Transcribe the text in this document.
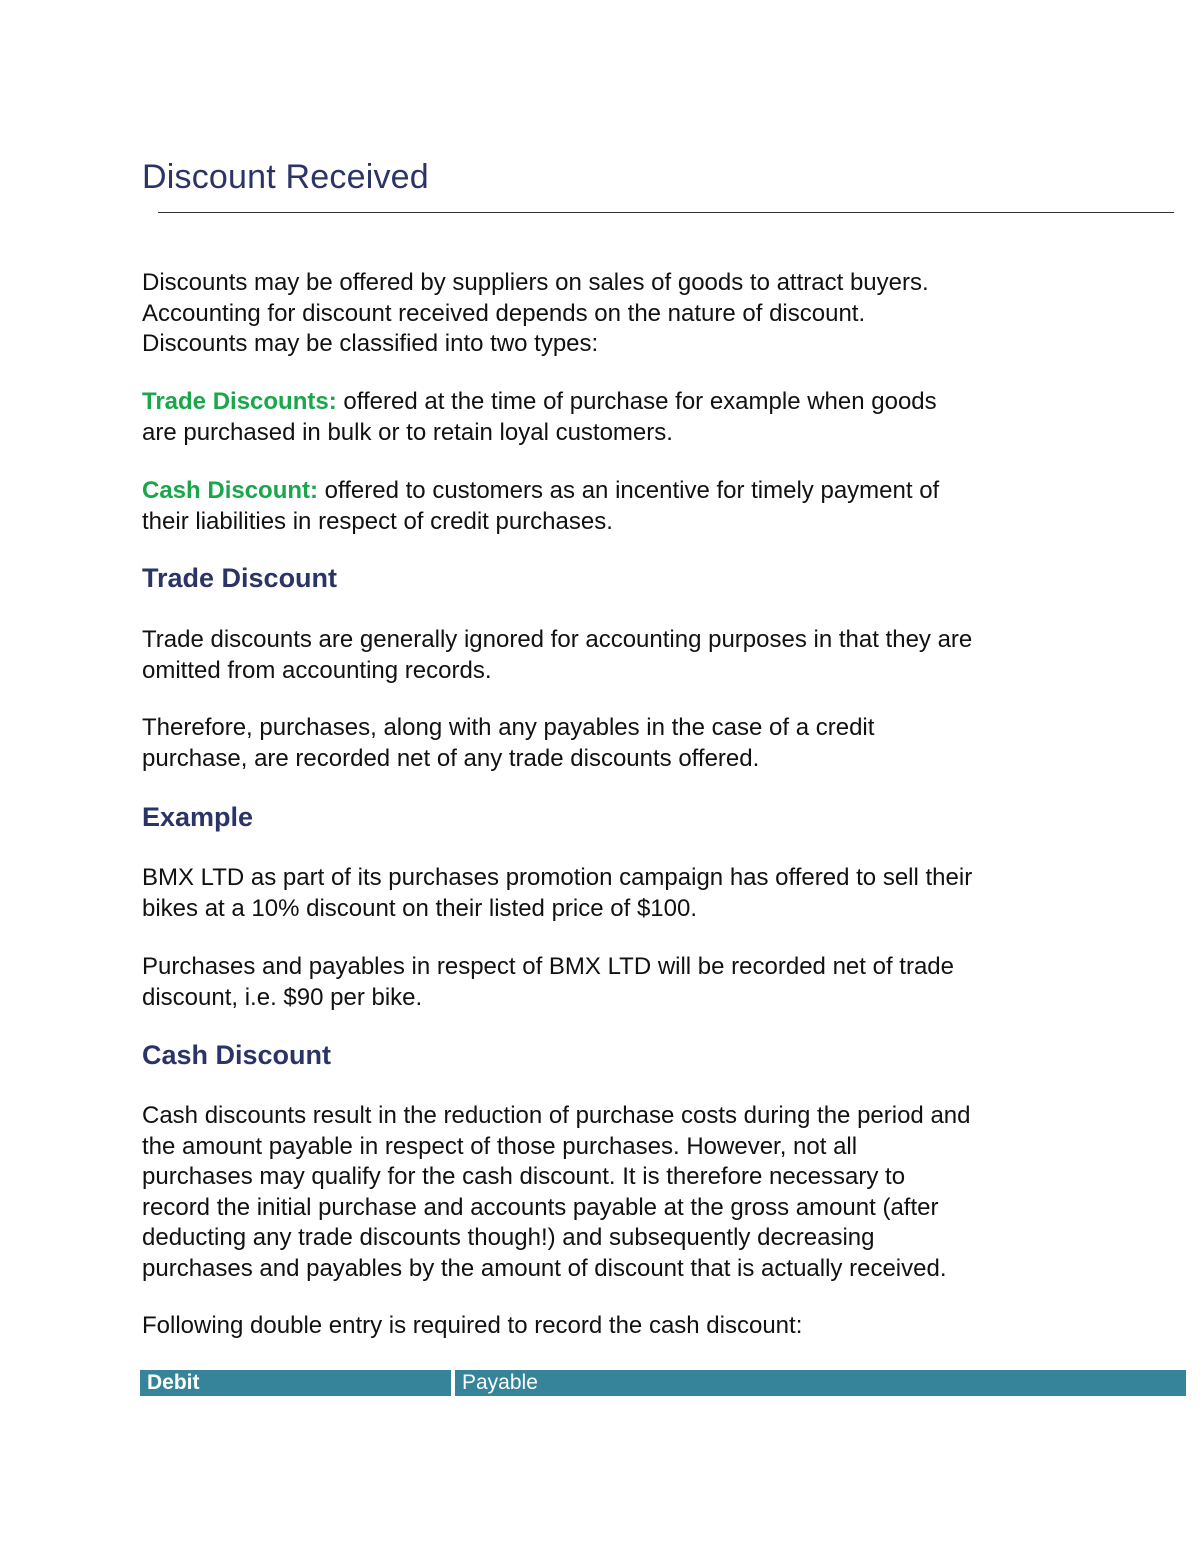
Discount Received

Discounts may be offered by suppliers on sales of goods to attract buyers.
Accounting for discount received depends on the nature of discount.
Discounts may be classified into two types:

Trade Discounts: offered at the time of purchase for example when goods
are purchased in bulk or to retain loyal customers.

Cash Discount: offered to customers as an incentive for timely payment of
their liabilities in respect of credit purchases.

Trade Discount

Trade discounts are generally ignored for accounting purposes in that they are
omitted from accounting records.

Therefore, purchases, along with any payables in the case of a credit
purchase, are recorded net of any trade discounts offered.

Example

BMX LTD as part of its purchases promotion campaign has offered to sell their
bikes at a 10% discount on their listed price of $100.

Purchases and payables in respect of BMX LTD will be recorded net of trade
discount, i.e. $90 per bike.

Cash Discount

Cash discounts result in the reduction of purchase costs during the period and
the amount payable in respect of those purchases. However, not all
purchases may qualify for the cash discount. It is therefore necessary to
record the initial purchase and accounts payable at the gross amount (after
deducting any trade discounts though!) and subsequently decreasing
purchases and payables by the amount of discount that is actually received.

Following double entry is required to record the cash discount:

Debit	Payable
